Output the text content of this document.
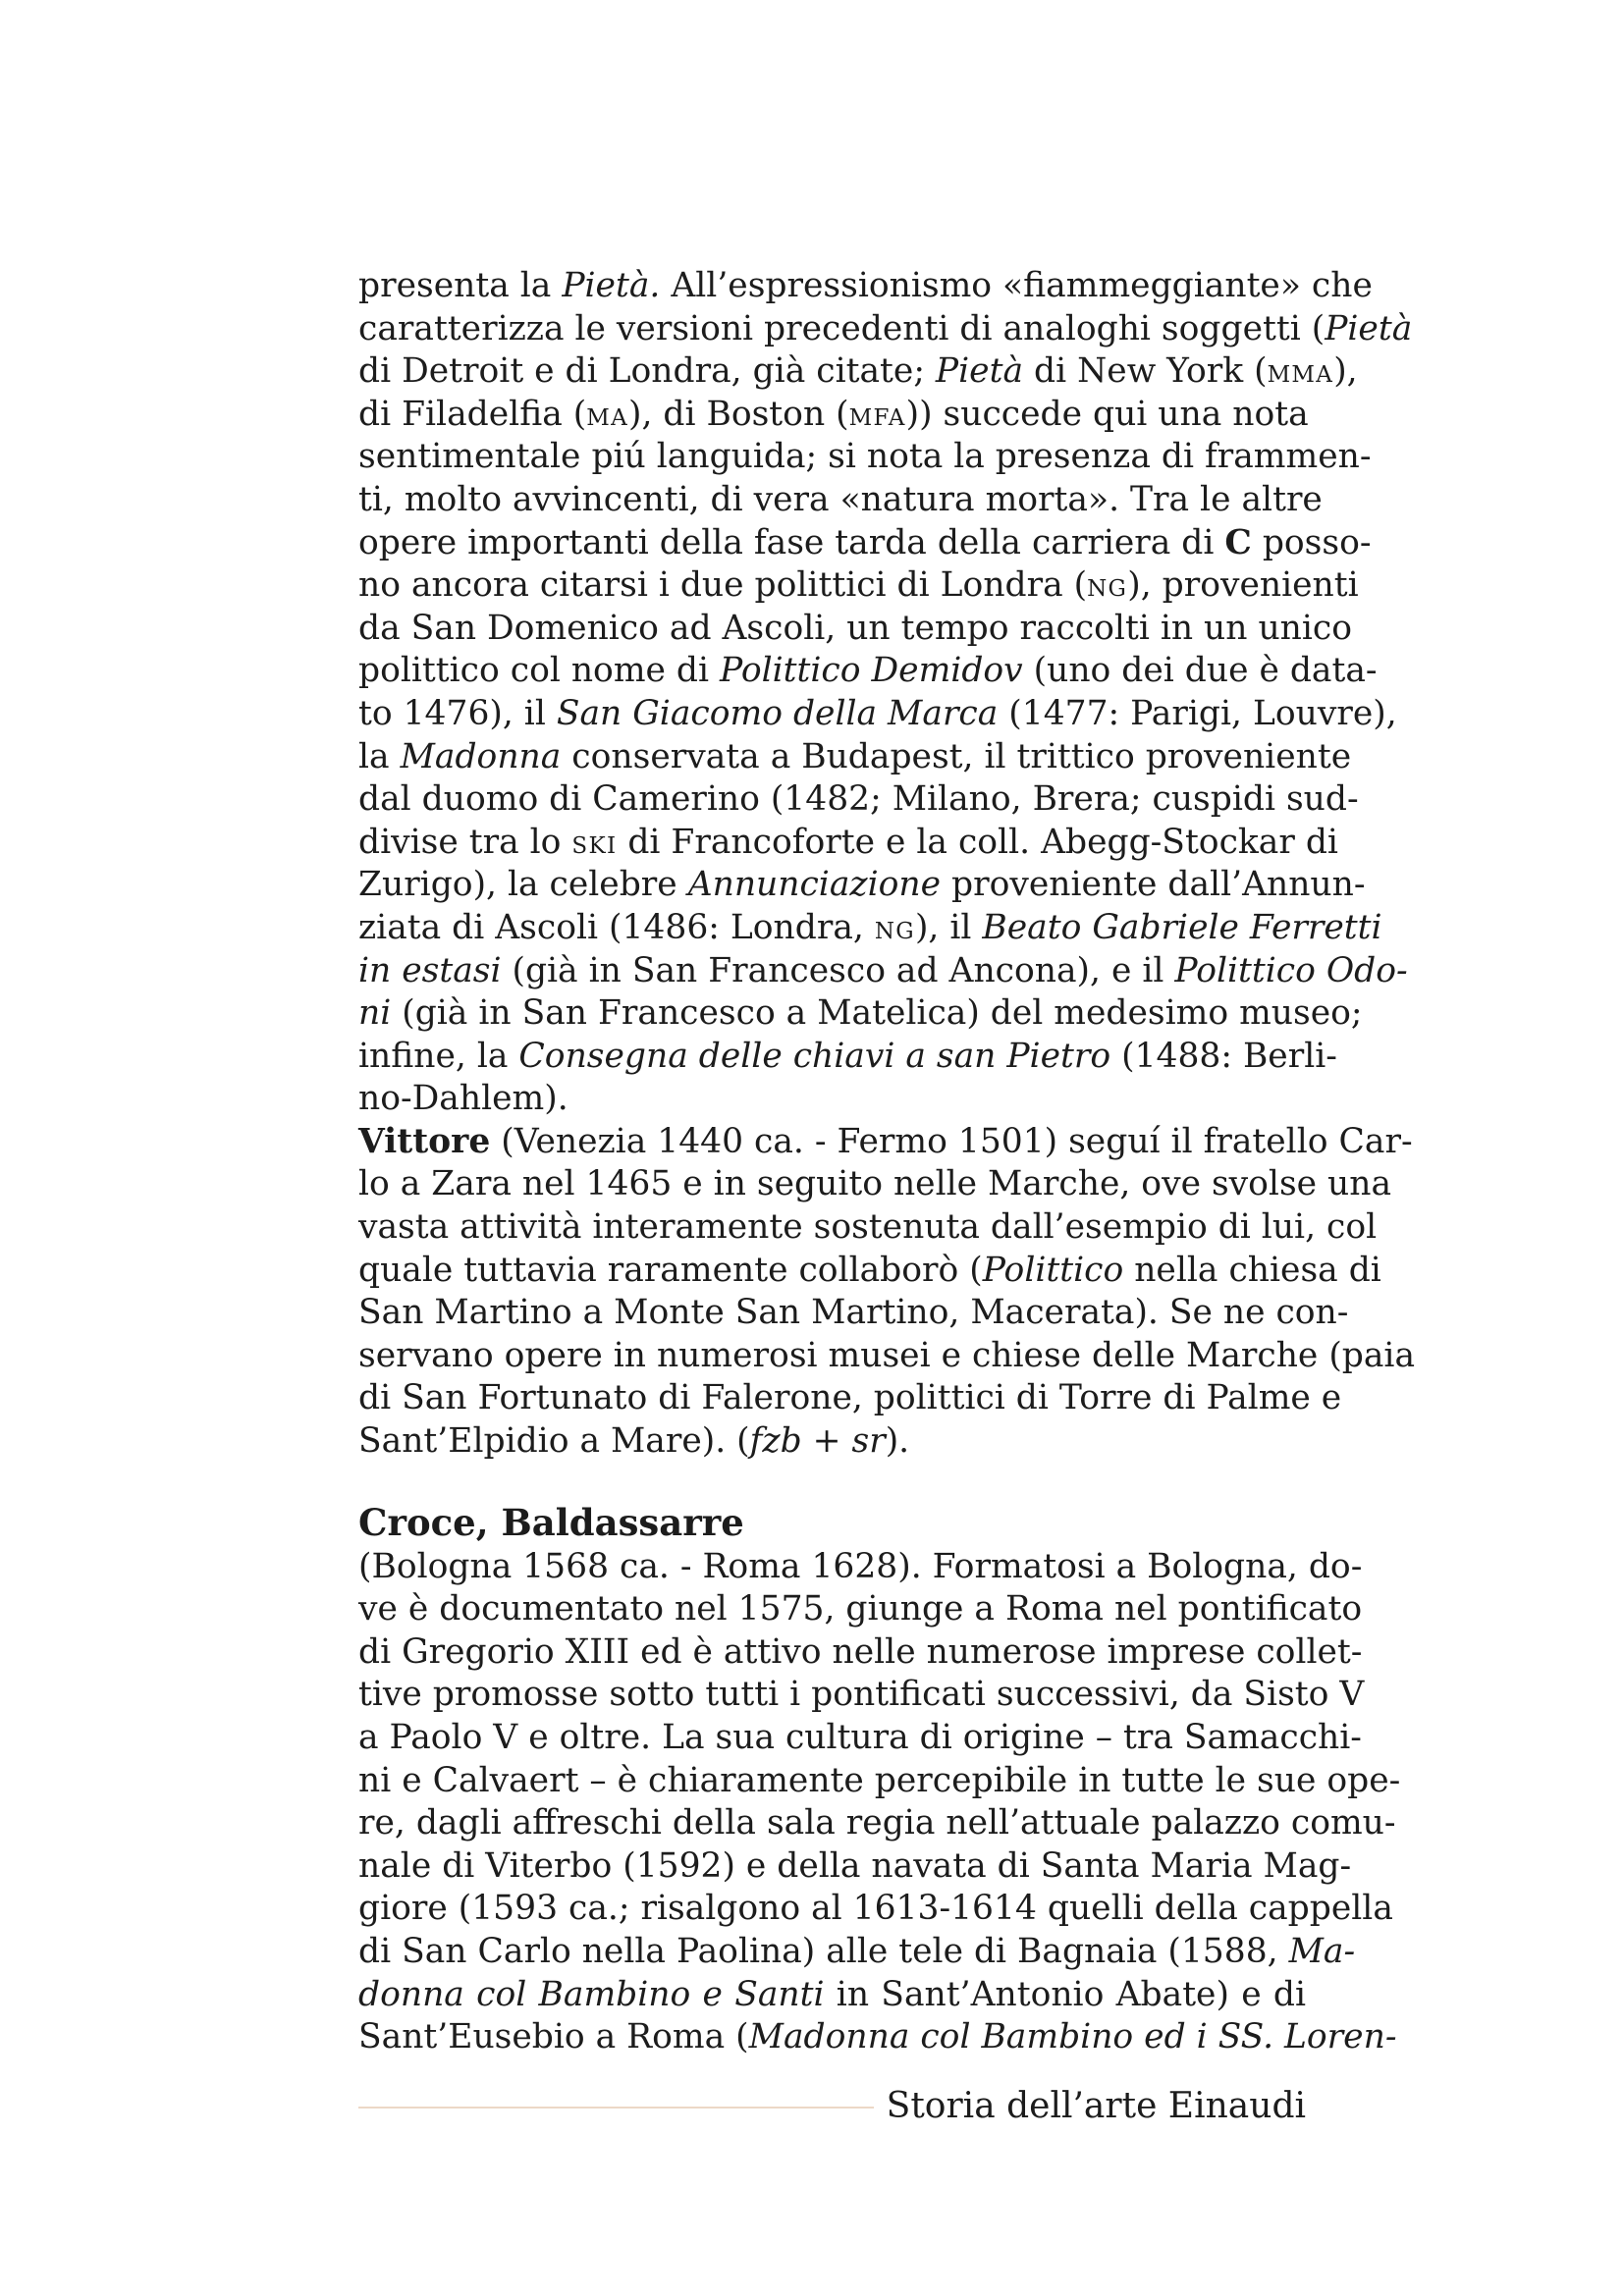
presenta la Pietà. All’espressionismo «fiammeggiante» che
caratterizza le versioni precedenti di analoghi soggetti (Pietà
di Detroit e di Londra, già citate; Pietà di New York (mma),
di Filadelfia (ma), di Boston (mfa)) succede qui una nota
sentimentale piú languida; si nota la presenza di frammen-
ti, molto avvincenti, di vera «natura morta». Tra le altre
opere importanti della fase tarda della carriera di C posso-
no ancora citarsi i due polittici di Londra (ng), provenienti
da San Domenico ad Ascoli, un tempo raccolti in un unico
polittico col nome di Polittico Demidov (uno dei due è data-
to 1476), il San Giacomo della Marca (1477: Parigi, Louvre),
la Madonna conservata a Budapest, il trittico proveniente
dal duomo di Camerino (1482; Milano, Brera; cuspidi sud-
divise tra lo ski di Francoforte e la coll. Abegg-Stockar di
Zurigo), la celebre Annunciazione proveniente dall’Annun-
ziata di Ascoli (1486: Londra, ng), il Beato Gabriele Ferretti
in estasi (già in San Francesco ad Ancona), e il Polittico Odo-
ni (già in San Francesco a Matelica) del medesimo museo;
infine, la Consegna delle chiavi a san Pietro (1488: Berli-
no-Dahlem).
Vittore (Venezia 1440 ca. - Fermo 1501) seguí il fratello Car-
lo a Zara nel 1465 e in seguito nelle Marche, ove svolse una
vasta attività interamente sostenuta dall’esempio di lui, col
quale tuttavia raramente collaborò (Polittico nella chiesa di
San Martino a Monte San Martino, Macerata). Se ne con-
servano opere in numerosi musei e chiese delle Marche (paia
di San Fortunato di Falerone, polittici di Torre di Palme e
Sant’Elpidio a Mare). (fzb + sr).
Croce, Baldassarre
(Bologna 1568 ca. - Roma 1628). Formatosi a Bologna, do-
ve è documentato nel 1575, giunge a Roma nel pontificato
di Gregorio XIII ed è attivo nelle numerose imprese collet-
tive promosse sotto tutti i pontificati successivi, da Sisto V
a Paolo V e oltre. La sua cultura di origine – tra Samacchi-
ni e Calvaert – è chiaramente percepibile in tutte le sue ope-
re, dagli affreschi della sala regia nell’attuale palazzo comu-
nale di Viterbo (1592) e della navata di Santa Maria Mag-
giore (1593 ca.; risalgono al 1613-1614 quelli della cappella
di San Carlo nella Paolina) alle tele di Bagnaia (1588, Ma-
donna col Bambino e Santi in Sant’Antonio Abate) e di
Sant’Eusebio a Roma (Madonna col Bambino ed i SS. Loren-
Storia dell’arte Einaudi
